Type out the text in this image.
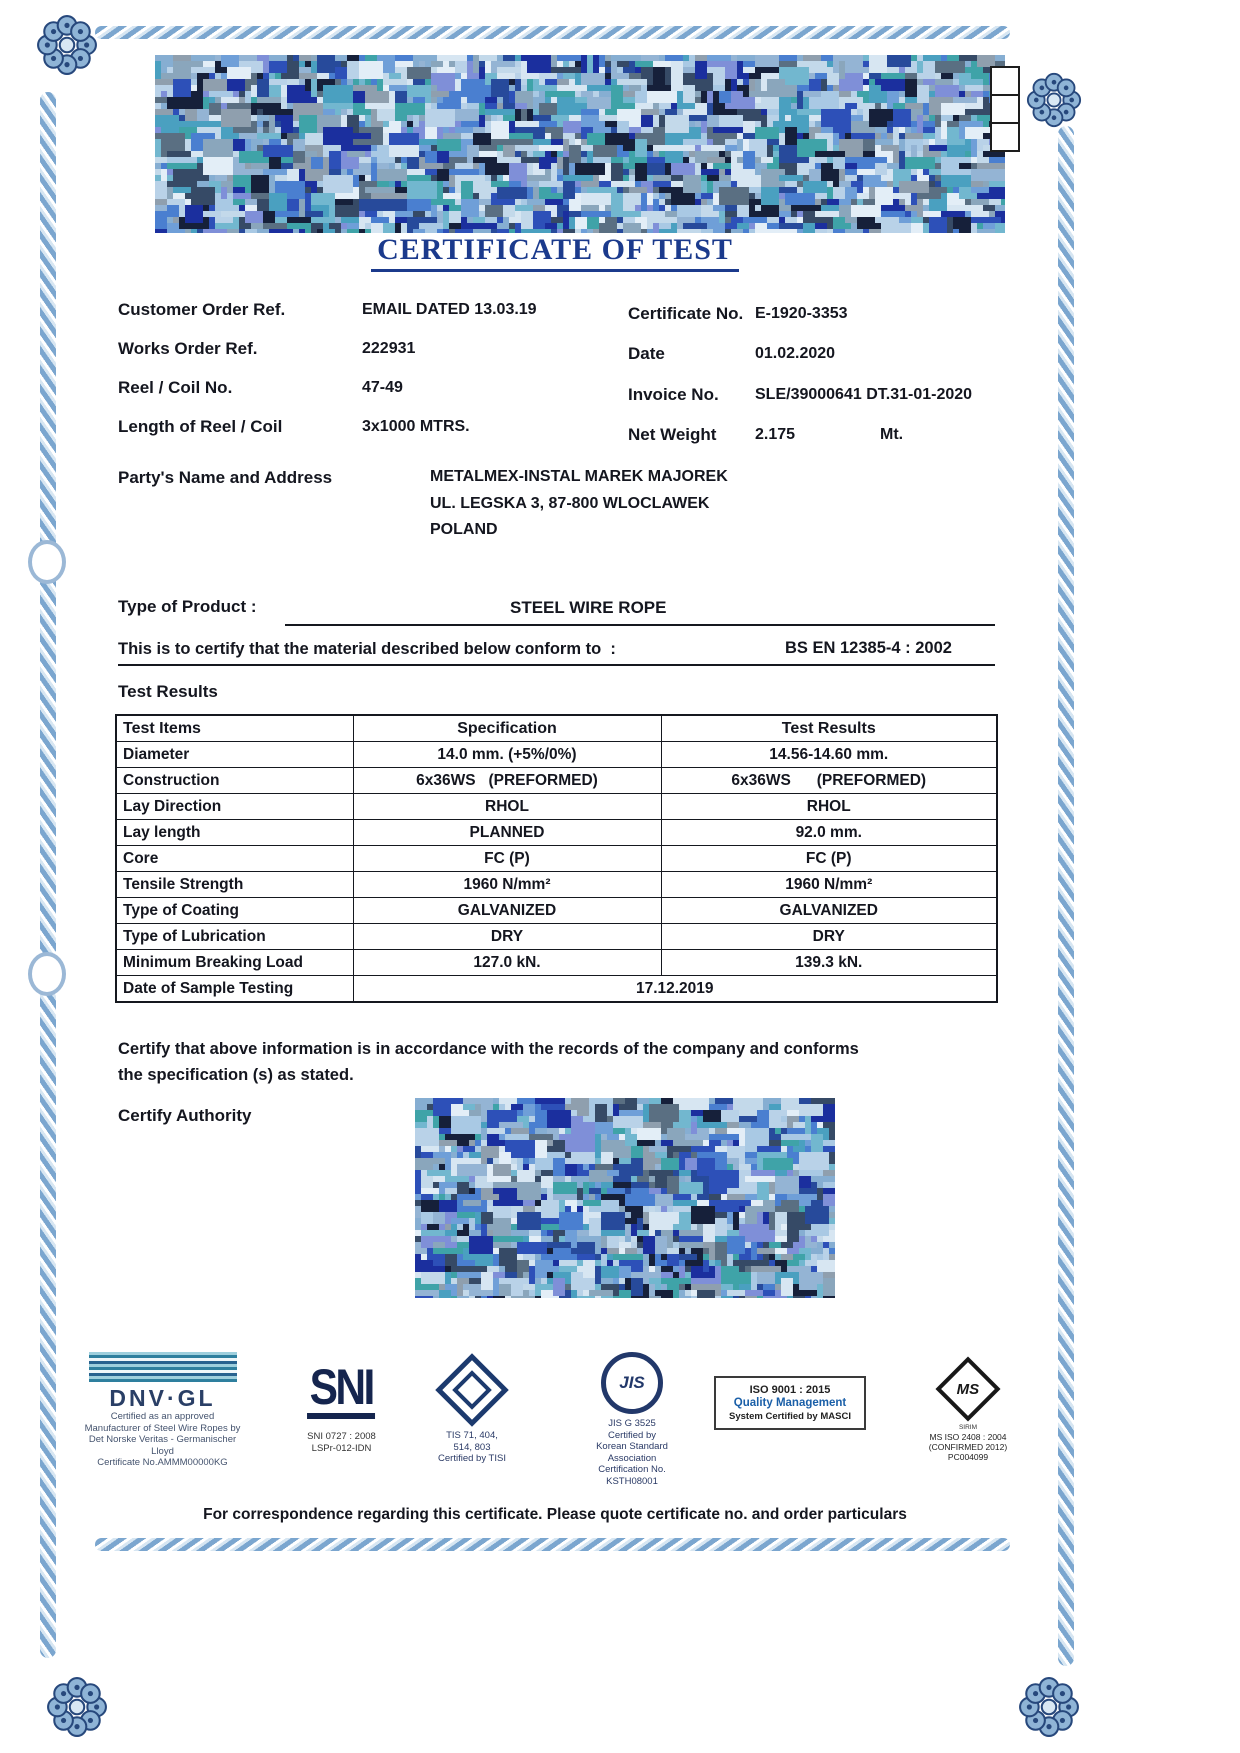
CERTIFICATE OF TEST
Customer Order Ref.	EMAIL DATED 13.03.19
Works Order Ref.	222931
Reel / Coil No.	47-49
Length of Reel / Coil	3x1000 MTRS.
Certificate No. E-1920-3353
Date	01.02.2020
Invoice No. SLE/39000641 DT.31-01-2020
Net Weight 2.175	Mt.
Party's Name and Address	METALMEX-INSTAL MAREK MAJOREK
UL. LEGSKA 3, 87-800 WLOCLAWEK
POLAND
Type of Product :	STEEL WIRE ROPE
This is to certify that the material described below conform to  :	BS EN 12385-4 : 2002
Test Results
Test Items	Specification	Test Results
Diameter	14.0 mm. (+5%/0%)	14.56-14.60 mm.
Construction	6x36WS   (PREFORMED)	6x36WS      (PREFORMED)
Lay Direction	RHOL	RHOL
Lay length	PLANNED	92.0 mm.
Core	FC (P)	FC (P)
Tensile Strength	1960 N/mm²	1960 N/mm²
Type of Coating	GALVANIZED	GALVANIZED
Type of Lubrication	DRY	DRY
Minimum Breaking Load	127.0 kN.	139.3 kN.
Date of Sample Testing	17.12.2019	
Certify that above information is in accordance with the records of the company and conforms
the specification (s) as stated.
Certify Authority
DNV·GL
Certified as an approved
Manufacturer of Steel Wire Ropes by
Det Norske Veritas - Germanischer Lloyd
Certificate No.AMMM00000KG
SNI
SNI 0727 : 2008
LSPr-012-IDN
TIS 71, 404,
514, 803
Certified by TISI
JIS
JIS G 3525
Certified by
Korean Standard Association
Certification No. KSTH08001
ISO 9001 : 2015
Quality Management
System Certified by MASCI
MS
SIRIM
MS ISO 2408 : 2004
(CONFIRMED 2012)
PC004099
For correspondence regarding this certificate. Please quote certificate no. and order particulars
